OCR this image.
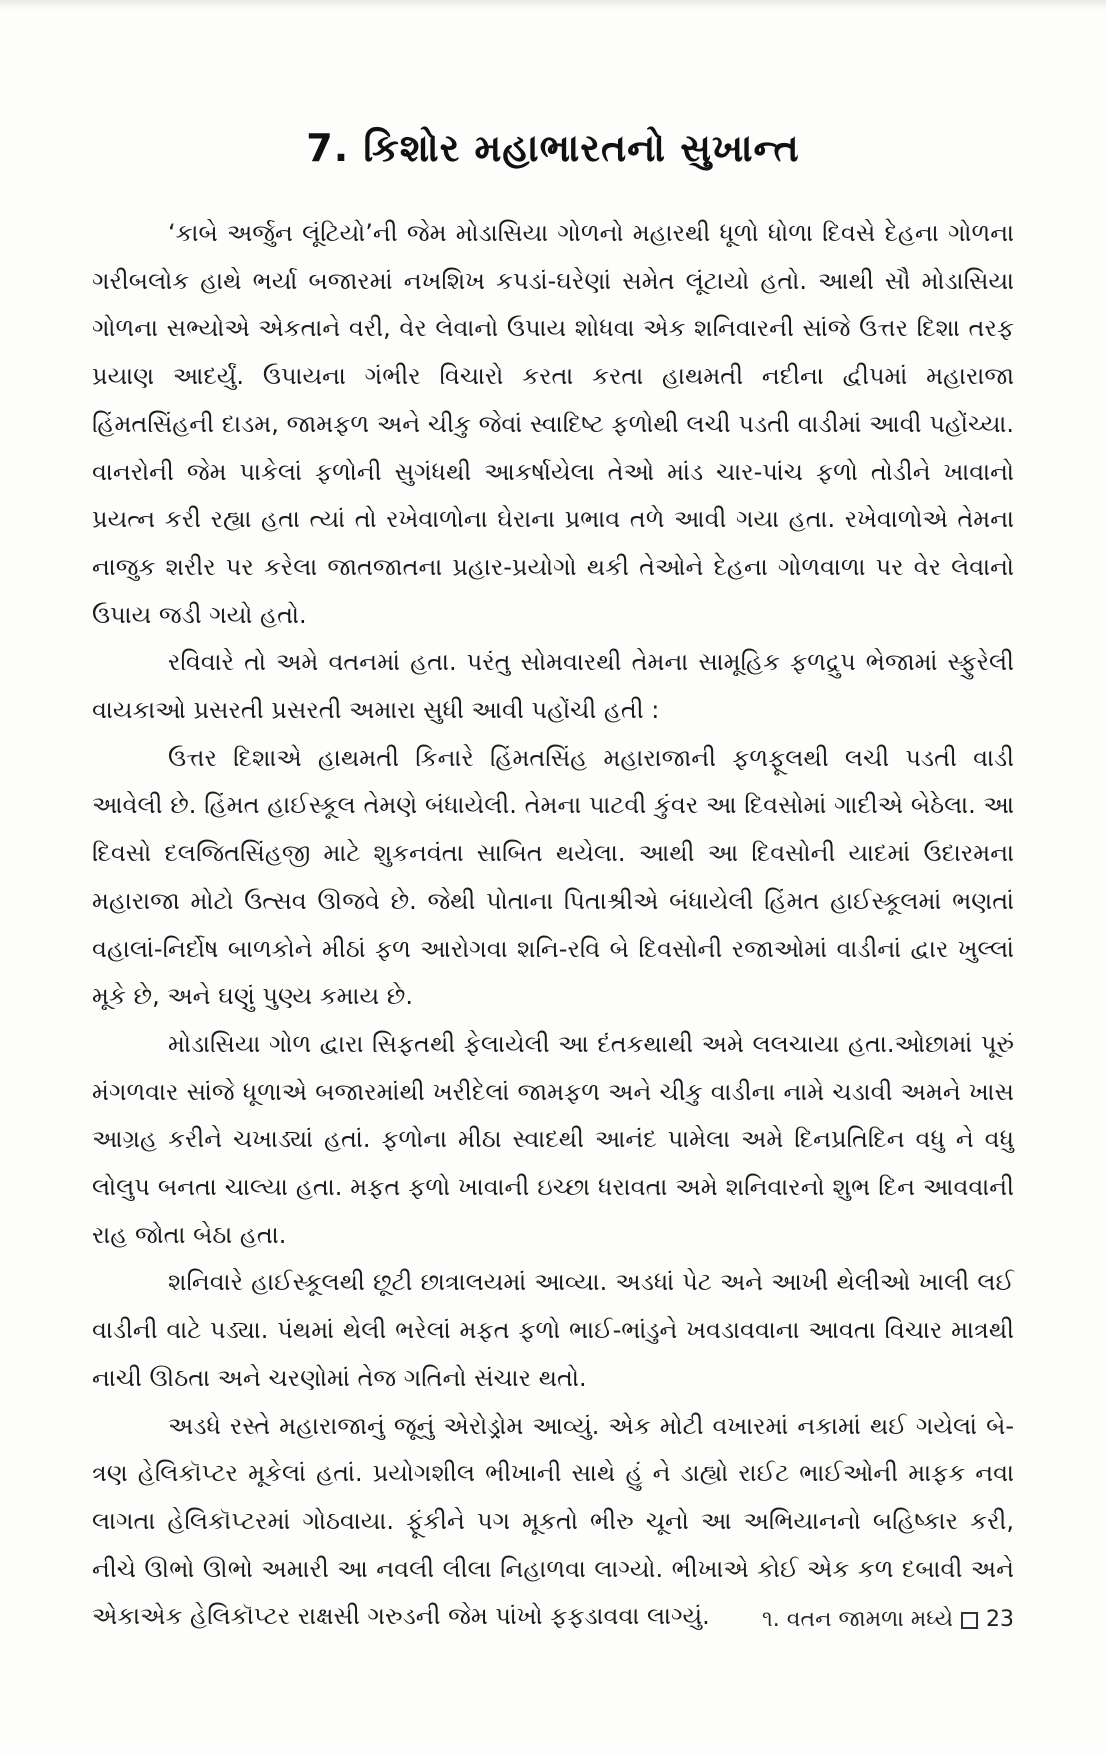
7. કિશોર મહાભારતનો સુખાન્ત

‘કાબે અર્જુન લૂંટિયો’ની જેમ મોડાસિયા ગોળનો મહારથી ધૂળો ધોળા દિવસે દેહના ગોળના ગરીબલોક હાથે ભર્યા બજારમાં નખશિખ કપડાં-ઘરેણાં સમેત લૂંટાયો હતો. આથી સૌ મોડાસિયા ગોળના સભ્યોએ એકતાને વરી, વેર લેવાનો ઉપાય શોધવા એક શનિવારની સાંજે ઉત્તર દિશા તરફ પ્રયાણ આદર્યું. ઉપાયના ગંભીર વિચારો કરતા કરતા હાથમતી નદીના દ્વીપમાં મહારાજા હિંમતસિંહની દાડમ, જામફળ અને ચીકુ જેવાં સ્વાદિષ્ટ ફળોથી લચી પડતી વાડીમાં આવી પહોંચ્યા. વાનરોની જેમ પાકેલાં ફળોની સુગંધથી આકર્ષાયેલા તેઓ માંડ ચાર-પાંચ ફળો તોડીને ખાવાનો પ્રયત્ન કરી રહ્યા હતા ત્યાં તો રખેવાળોના ઘેરાના પ્રભાવ તળે આવી ગયા હતા. રખેવાળોએ તેમના નાજુક શરીર પર કરેલા જાતજાતના પ્રહાર-પ્રયોગો થકી તેઓને દેહના ગોળવાળા પર વેર લેવાનો ઉપાય જડી ગયો હતો.

રવિવારે તો અમે વતનમાં હતા. પરંતુ સોમવારથી તેમના સામૂહિક ફળદ્રુપ ભેજામાં સ્ફુરેલી વાયકાઓ પ્રસરતી પ્રસરતી અમારા સુધી આવી પહોંચી હતી :

ઉત્તર દિશાએ હાથમતી કિનારે હિંમતસિંહ મહારાજાની ફળફૂલથી લચી પડતી વાડી આવેલી છે. હિંમત હાઈસ્કૂલ તેમણે બંધાયેલી. તેમના પાટવી કુંવર આ દિવસોમાં ગાદીએ બેઠેલા. આ દિવસો દલજિતસિંહજી માટે શુકનવંતા સાબિત થયેલા. આથી આ દિવસોની યાદમાં ઉદારમના મહારાજા મોટો ઉત્સવ ઊજવે છે. જેથી પોતાના પિતાશ્રીએ બંધાયેલી હિંમત હાઈસ્કૂલમાં ભણતાં વહાલાં-નિર્દોષ બાળકોને મીઠાં ફળ આરોગવા શનિ-રવિ બે દિવસોની રજાઓમાં વાડીનાં દ્વાર ખુલ્લાં મૂકે છે, અને ઘણું પુણ્ય કમાય છે.

મોડાસિયા ગોળ દ્વારા સિફતથી ફેલાયેલી આ દંતકથાથી અમે લલચાયા હતા.ઓછામાં પૂરું મંગળવાર સાંજે ધૂળાએ બજારમાંથી ખરીદેલાં જામફળ અને ચીકુ વાડીના નામે ચડાવી અમને ખાસ આગ્રહ કરીને ચખાડ્યાં હતાં. ફળોના મીઠા સ્વાદથી આનંદ પામેલા અમે દિનપ્રતિદિન વધુ ને વધુ લોલુપ બનતા ચાલ્યા હતા. મફત ફળો ખાવાની ઇચ્છા ધરાવતા અમે શનિવારનો શુભ દિન આવવાની રાહ જોતા બેઠા હતા.

શનિવારે હાઈસ્કૂલથી છૂટી છાત્રાલયમાં આવ્યા. અડધાં પેટ અને આખી થેલીઓ ખાલી લઈ વાડીની વાટે પડ્યા. પંથમાં થેલી ભરેલાં મફત ફળો ભાઈ-ભાંડુને ખવડાવવાના આવતા વિચાર માત્રથી નાચી ઊઠતા અને ચરણોમાં તેજ ગતિનો સંચાર થતો.

અડધે રસ્તે મહારાજાનું જૂનું એરોડ્રોમ આવ્યું. એક મોટી વખારમાં નકામાં થઈ ગયેલાં બે-ત્રણ હેલિકૉપ્ટર મૂકેલાં હતાં. પ્રયોગશીલ ભીખાની સાથે હું ને ડાહ્યો રાઈટ ભાઈઓની માફક નવા લાગતા હેલિકૉપ્ટરમાં ગોઠવાયા. ફૂંકીને પગ મૂકતો ભીરુ ચૂનો આ અભિયાનનો બહિષ્કાર કરી, નીચે ઊભો ઊભો અમારી આ નવલી લીલા નિહાળવા લાગ્યો. ભીખાએ કોઈ એક કળ દબાવી અને એકાએક હેલિકૉપ્ટર રાક્ષસી ગરુડની જેમ પાંખો ફફડાવવા લાગ્યું.	૧. વતન જામળા મધ્યે 23
